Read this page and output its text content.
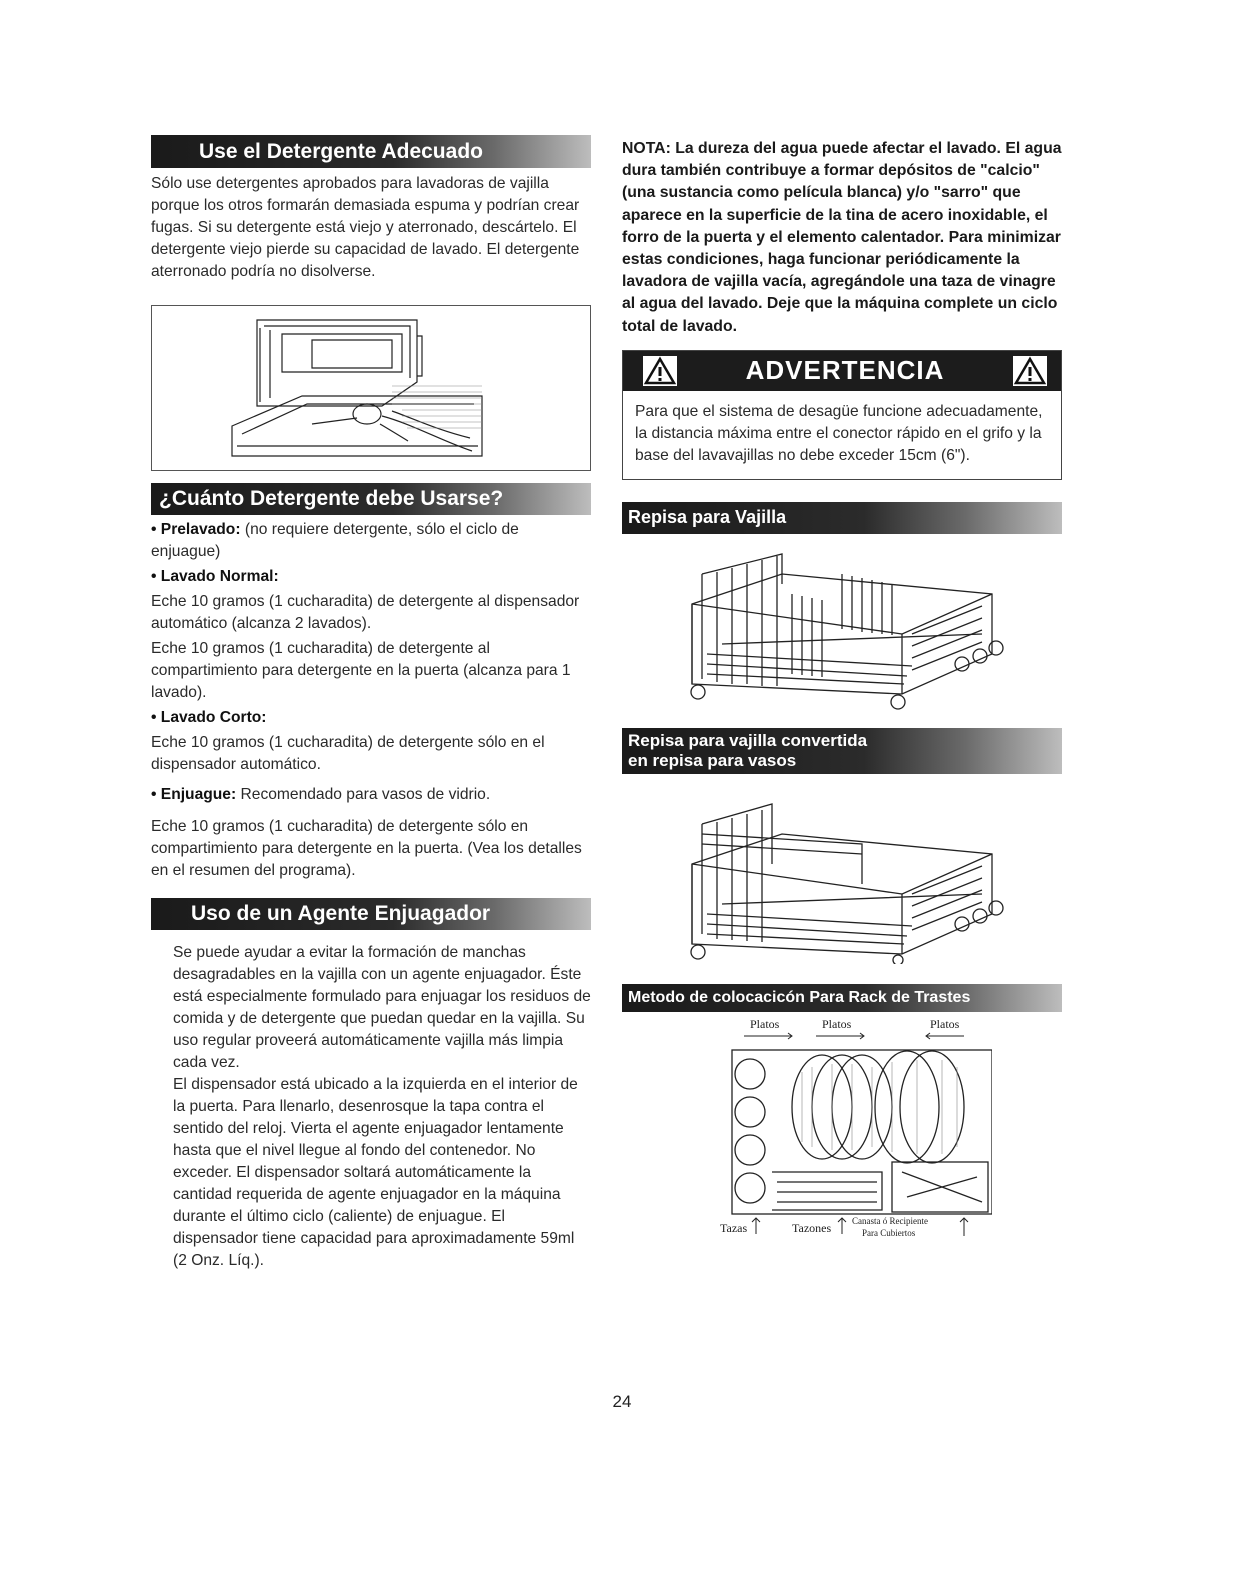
Use el Detergente Adecuado

Sólo use detergentes aprobados para lavadoras de vajilla porque los otros formarán demasiada espuma y podrían crear fugas. Si su detergente está viejo y aterronado, descártelo. El detergente viejo pierde su capacidad de lavado. El detergente aterronado podría no disolverse.

¿Cuánto Detergente debe Usarse?

• Prelavado: (no requiere detergente, sólo el ciclo de enjuague)

• Lavado Normal:

Eche 10 gramos (1 cucharadita) de detergente al dispensador automático (alcanza 2 lavados).

Eche 10 gramos (1 cucharadita) de detergente al compartimiento para detergente en la puerta (alcanza para 1 lavado).

• Lavado Corto:

Eche 10 gramos (1 cucharadita) de detergente sólo en el dispensador automático.

• Enjuague: Recomendado para vasos de vidrio.

Eche 10 gramos (1 cucharadita) de detergente sólo en compartimiento para detergente en la puerta. (Vea los detalles en el resumen del programa).

Uso de un Agente Enjuagador

Se puede ayudar a evitar la formación de manchas desagradables en la vajilla con un agente enjuagador. Éste está especialmente formulado para enjuagar los residuos de comida y de detergente que puedan quedar en la vajilla. Su uso regular proveerá automáticamente vajilla más limpia cada vez.

El dispensador está ubicado a la izquierda en el interior de la puerta. Para llenarlo, desenrosque la tapa contra el sentido del reloj. Vierta el agente enjuagador lentamente hasta que el nivel llegue al fondo del contenedor. No exceder. El dispensador soltará automáticamente la cantidad requerida de agente enjuagador en la máquina durante el último ciclo (caliente) de enjuague. El dispensador tiene capacidad para aproximadamente 59ml (2 Onz. Líq.).

NOTA: La dureza del agua puede afectar el lavado. El agua dura también contribuye a formar depósitos de "calcio" (una sustancia como película blanca) y/o "sarro" que aparece en la superficie de la tina de acero inoxidable, el forro de la puerta y el elemento calentador. Para minimizar estas condiciones, haga funcionar periódicamente la lavadora de vajilla vacía, agregándole una taza de vinagre al agua del lavado. Deje que la máquina complete un ciclo total de lavado.

ADVERTENCIA

Para que el sistema de desagüe funcione adecuadamente, la distancia máxima entre el conector rápido en el grifo y la base del lavavajillas no debe exceder 15cm (6").

Repisa para Vajilla
Repisa para vajilla convertida
en repisa para vasos
Metodo de colocacicón Para Rack de Trastes
Platos	Platos	Platos
Tazas	Tazones Canasta ó Recipiente
Para Cubiertos
24
